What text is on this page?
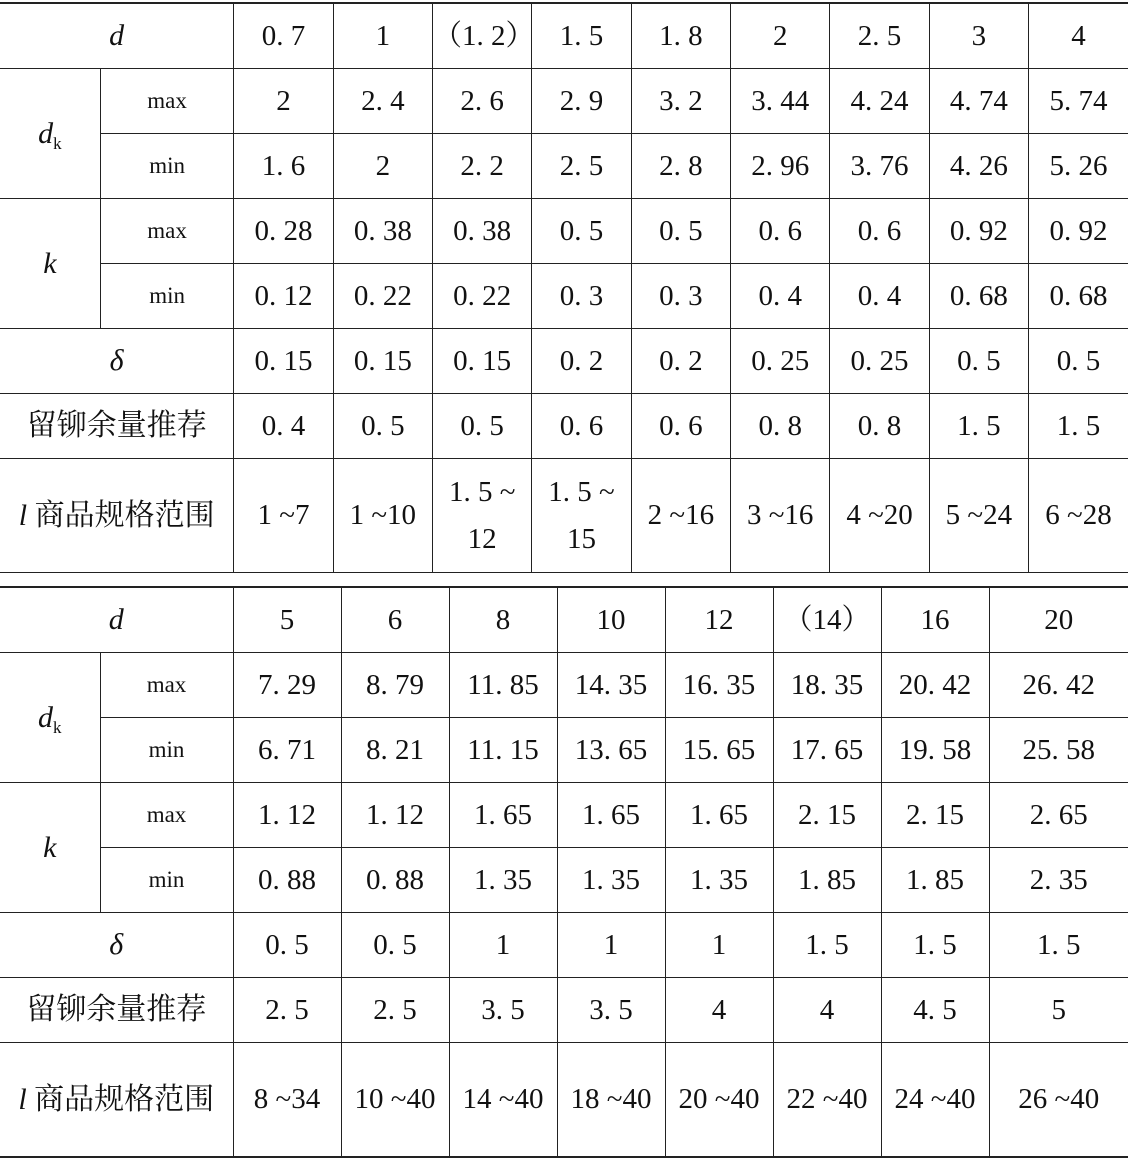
d		0. 7	1	（1. 2）	1. 5	1. 8	2	2. 5	3	4
$d_k$	max	2	2. 4	2. 6	2. 9	3. 2	3. 44	4. 24	4. 74	5. 74
	min	1. 6	2	2. 2	2. 5	2. 8	2. 96	3. 76	4. 26	5. 26
k	max	0. 28	0. 38	0. 38	0. 5	0. 5	0. 6	0. 6	0. 92	0. 92
	min	0. 12	0. 22	0. 22	0. 3	0. 3	0. 4	0. 4	0. 68	0. 68
δ		0. 15	0. 15	0. 15	0. 2	0. 2	0. 25	0. 25	0. 5	0. 5
留铆余量推荐		0. 4	0. 5	0. 5	0. 6	0. 6	0. 8	0. 8	1. 5	1. 5
l 商品规格范围		1 ~7	1 ~10	1. 5 ~ 12	1. 5 ~ 15	2 ~16	3 ~16	4 ~20	5 ~24	6 ~28
d		5	6	8	10	12	（14）	16	20
$d_k$	max	7. 29	8. 79	11. 85	14. 35	16. 35	18. 35	20. 42	26. 42
	min	6. 71	8. 21	11. 15	13. 65	15. 65	17. 65	19. 58	25. 58
k	max	1. 12	1. 12	1. 65	1. 65	1. 65	2. 15	2. 15	2. 65
	min	0. 88	0. 88	1. 35	1. 35	1. 35	1. 85	1. 85	2. 35
δ		0. 5	0. 5	1	1	1	1. 5	1. 5	1. 5
留铆余量推荐		2. 5	2. 5	3. 5	3. 5	4	4	4. 5	5
l 商品规格范围		8 ~34	10 ~40	14 ~40	18 ~40	20 ~40	22 ~40	24 ~40	26 ~40
